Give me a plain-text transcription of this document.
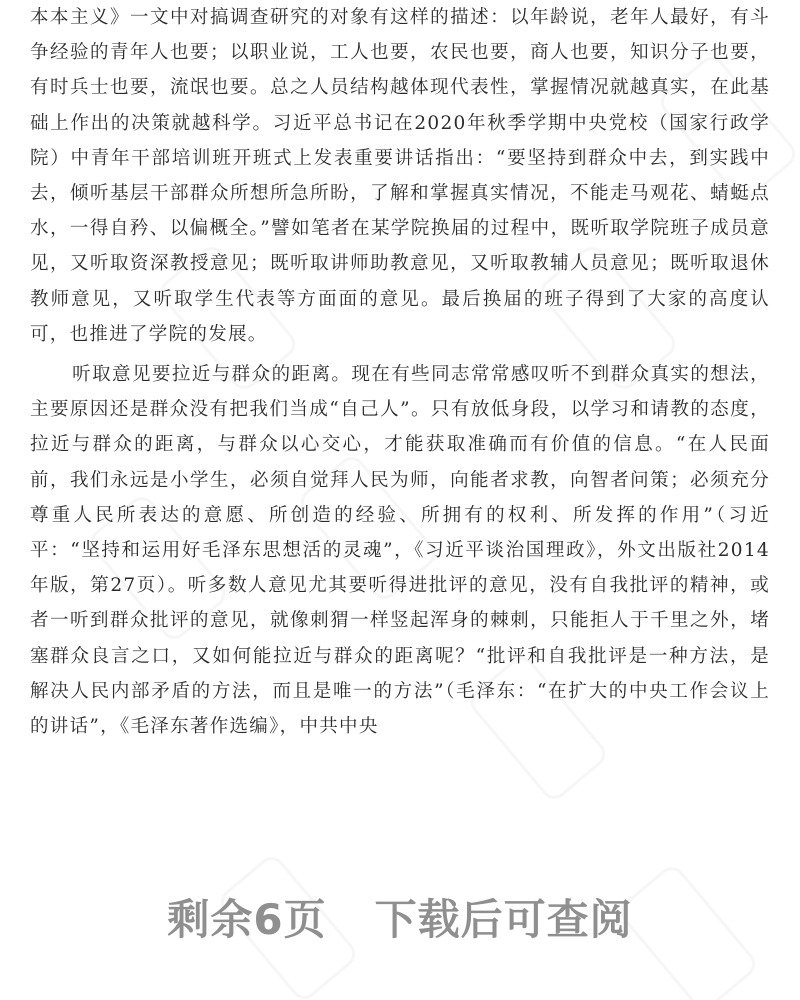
本本主义》一文中对搞调查研究的对象有这样的描述：以年龄说，老年人最好，有斗争经验的青年人也要；以职业说，工人也要，农民也要，商人也要，知识分子也要，有时兵士也要，流氓也要。总之人员结构越体现代表性，掌握情况就越真实，在此基础上作出的决策就越科学。习近平总书记在2020年秋季学期中央党校（国家行政学院）中青年干部培训班开班式上发表重要讲话指出：“要坚持到群众中去，到实践中去，倾听基层干部群众所想所急所盼，了解和掌握真实情况，不能走马观花、蜻蜓点水，一得自矜、以偏概全。”譬如笔者在某学院换届的过程中，既听取学院班子成员意见，又听取资深教授意见；既听取讲师助教意见，又听取教辅人员意见；既听取退休教师意见，又听取学生代表等方面面的意见。最后换届的班子得到了大家的高度认可，也推进了学院的发展。

听取意见要拉近与群众的距离。现在有些同志常常感叹听不到群众真实的想法，主要原因还是群众没有把我们当成“自己人”。只有放低身段，以学习和请教的态度，拉近与群众的距离，与群众以心交心，才能获取准确而有价值的信息。“在人民面前，我们永远是小学生，必须自觉拜人民为师，向能者求教，向智者问策；必须充分尊重人民所表达的意愿、所创造的经验、所拥有的权利、所发挥的作用”（习近平：“坚持和运用好毛泽东思想活的灵魂”，《习近平谈治国理政》，外文出版社2014年版，第27页）。听多数人意见尤其要听得进批评的意见，没有自我批评的精神，或者一听到群众批评的意见，就像刺猬一样竖起浑身的棘刺，只能拒人于千里之外，堵塞群众良言之口，又如何能拉近与群众的距离呢？“批评和自我批评是一种方法，是解决人民内部矛盾的方法，而且是唯一的方法”（毛泽东：“在扩大的中央工作会议上的讲话”，《毛泽东著作选编》，中共中央

剩余6页 下载后可查阅
